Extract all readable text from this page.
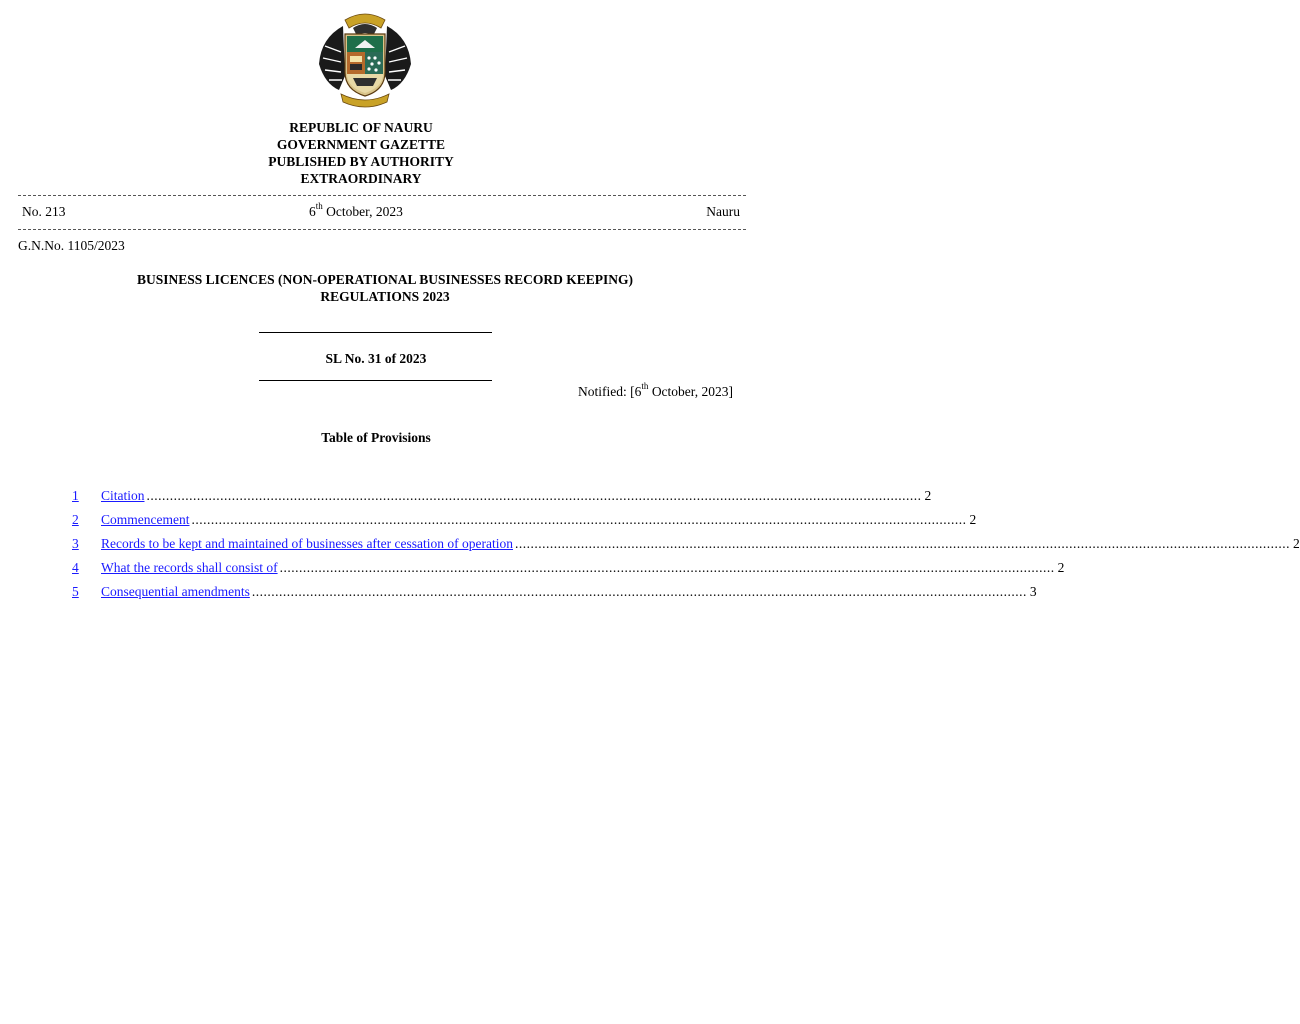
REPUBLIC OF NAURU
GOVERNMENT GAZETTE
PUBLISHED BY AUTHORITY
EXTRAORDINARY
No. 213	6th October, 2023	Nauru
G.N.No. 1105/2023
BUSINESS LICENCES (NON-OPERATIONAL BUSINESSES RECORD KEEPING)
REGULATIONS 2023
SL No. 31 of 2023
Notified: [6th October, 2023]
Table of Provisions
1	Citation ........................................................................................................................................................................................................ 2
2	Commencement ........................................................................................................................................................................................................ 2
3	Records to be kept and maintained of businesses after cessation of operation ........................................................................................................................................................................................................ 2
4	What the records shall consist of ........................................................................................................................................................................................................ 2
5	Consequential amendments ........................................................................................................................................................................................................ 3
